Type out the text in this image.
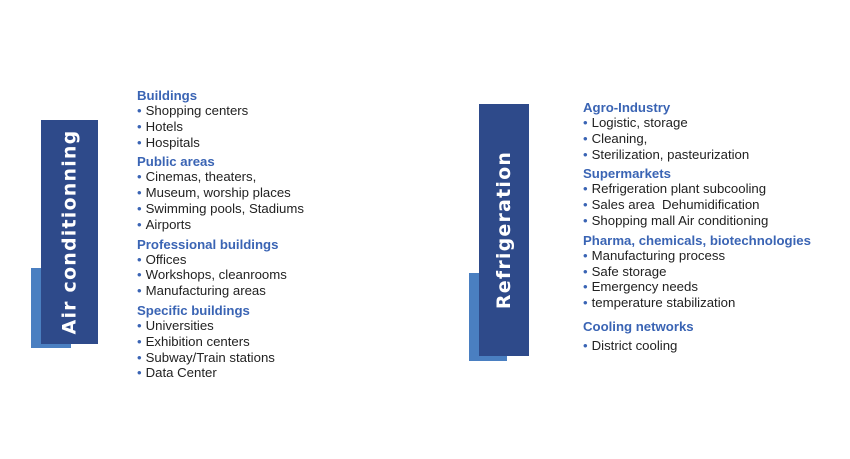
Air conditionning

Buildings

• Shopping centers
• Hotels
• Hospitals

Public areas

• Cinemas, theaters,
• Museum, worship places
• Swimming pools, Stadiums
• Airports

Professional buildings

• Offices
• Workshops, cleanrooms
• Manufacturing areas

Specific buildings

• Universities
• Exhibition centers
• Subway/Train stations
• Data Center
Refrigeration

Agro-Industry

• Logistic, storage
• Cleaning,
• Sterilization, pasteurization

Supermarkets

• Refrigeration plant subcooling
• Sales area  Dehumidification
• Shopping mall Air conditioning

Pharma, chemicals, biotechnologies

• Manufacturing process
• Safe storage
• Emergency needs
• temperature stabilization

Cooling networks

• District cooling
